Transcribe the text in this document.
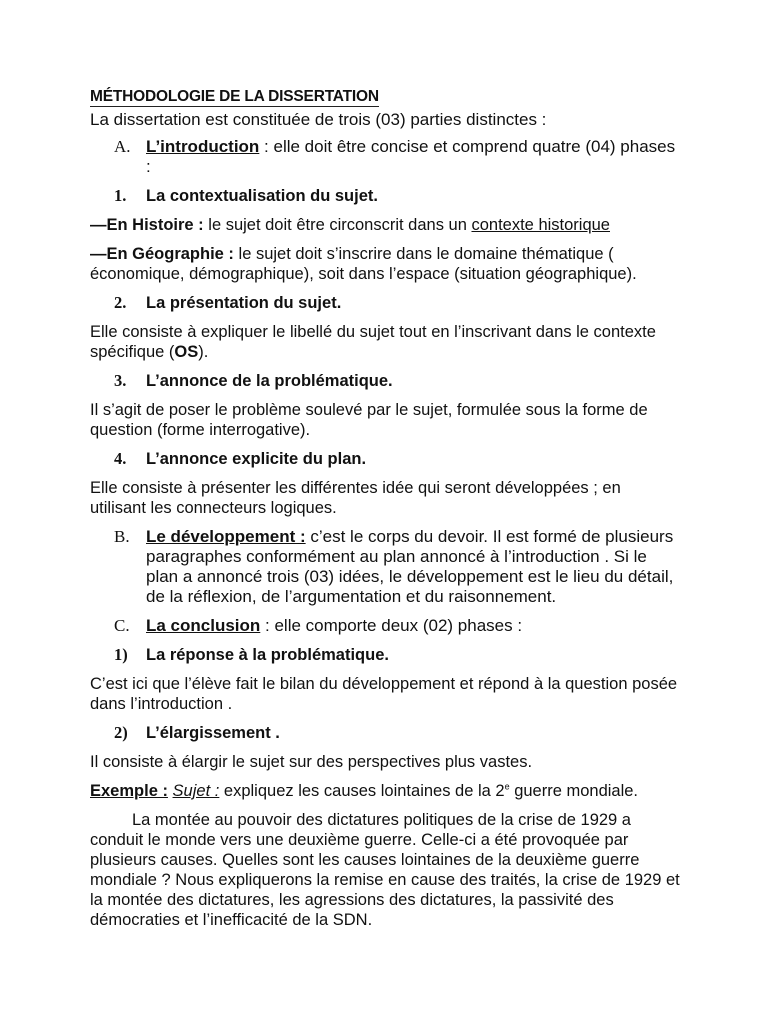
MÉTHODOLOGIE DE LA DISSERTATION

La dissertation est constituée de trois (03) parties distinctes :

A. L’introduction : elle doit être concise et comprend quatre (04) phases :

1. La contextualisation du sujet.

—En Histoire : le sujet doit être circonscrit dans un contexte historique

—En Géographie : le sujet doit s’inscrire dans le domaine thématique ( économique, démographique), soit dans l’espace (situation géographique).

2. La présentation du sujet.

Elle consiste à expliquer le libellé du sujet tout en l’inscrivant dans le contexte spécifique (OS).

3. L’annonce de la problématique.

Il s’agit de poser le problème soulevé par le sujet, formulée sous la forme de question (forme interrogative).

4. L’annonce explicite du plan.

Elle consiste à présenter les différentes idée qui seront développées ; en utilisant les connecteurs logiques.

B. Le développement : c’est le corps du devoir. Il est formé de plusieurs paragraphes conformément au plan annoncé à l’introduction . Si le plan a annoncé trois (03) idées, le développement est le lieu du détail, de la réflexion, de l’argumentation et du raisonnement.

C. La conclusion : elle comporte deux (02) phases :

1) La réponse à la problématique.

C’est ici que l’élève fait le bilan du développement et répond à la question posée dans l’introduction .

2) L’élargissement .

Il consiste à élargir le sujet sur des perspectives plus vastes.

Exemple : Sujet : expliquez les causes lointaines de la 2e guerre mondiale.

La montée au pouvoir des dictatures politiques de la crise de 1929 a conduit le monde vers une deuxième guerre. Celle-ci a été provoquée par plusieurs causes. Quelles sont les causes lointaines de la deuxième guerre mondiale ? Nous expliquerons la remise en cause des traités, la crise de 1929 et la montée des dictatures, les agressions des dictatures, la passivité des démocraties et l’inefficacité de la SDN.
